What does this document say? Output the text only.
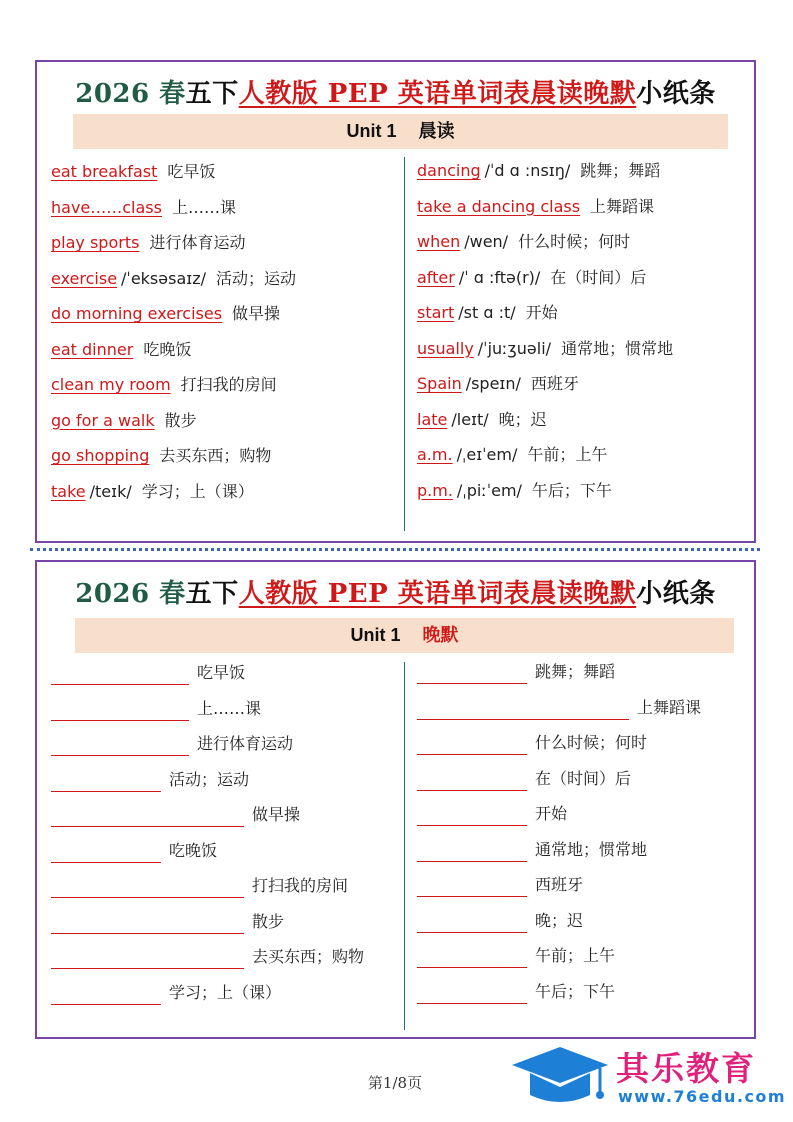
2026 春五下人教版 PEP 英语单词表晨读晚默小纸条
Unit 1 晨读
eat breakfast 吃早饭
have……class 上……课
play sports 进行体育运动
exercise /ˈeksəsaɪz/ 活动；运动
do morning exercises 做早操
eat dinner 吃晚饭
clean my room 打扫我的房间
go for a walk 散步
go shopping 去买东西；购物
take /teɪk/ 学习；上（课）
dancing /ˈd ɑ :nsɪŋ/ 跳舞；舞蹈
take a dancing class 上舞蹈课
when /wen/ 什么时候；何时
after /ˈ ɑ :ftə(r)/ 在（时间）后
start /st ɑ :t/ 开始
usually /ˈjuːʒuəli/ 通常地；惯常地
Spain /speɪn/ 西班牙
late /leɪt/ 晚；迟
a.m. /ˌeɪˈem/ 午前；上午
p.m. /ˌpiːˈem/ 午后；下午
2026 春五下人教版 PEP 英语单词表晨读晚默小纸条
Unit 1 晚默
吃早饭
上……课
进行体育运动
活动；运动
做早操
吃晚饭
打扫我的房间
散步
去买东西；购物
学习；上（课）
跳舞；舞蹈
上舞蹈课
什么时候；何时
在（时间）后
开始
通常地；惯常地
西班牙
晚；迟
午前；上午
午后；下午
第1/8页	其乐教育
www.76edu.com
